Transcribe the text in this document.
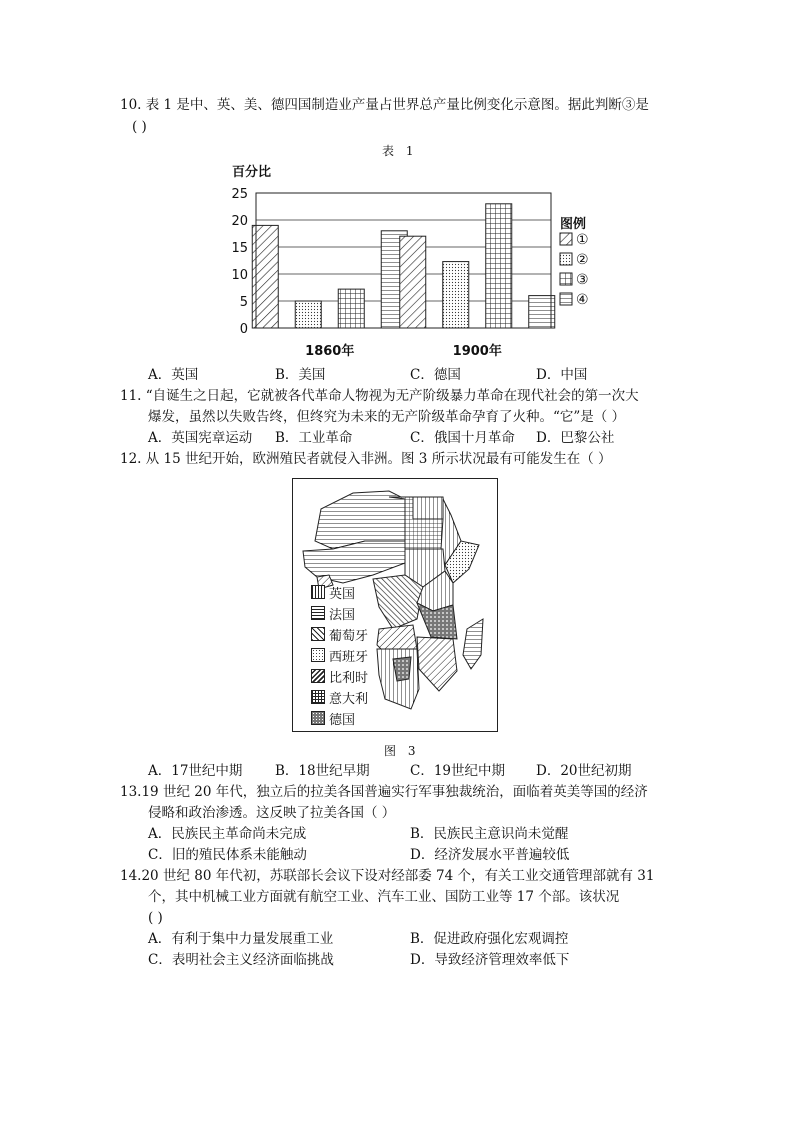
10. 表 1 是中、英、美、德四国制造业产量占世界总产量比例变化示意图。据此判断③是
( )
表 1
百分比
0
5
10
15
20
25
1860年	1900年
图例
①
②
③
④
A．英国	B．美国	C．德国	D．中国
11. “自诞生之日起，它就被各代革命人物视为无产阶级暴力革命在现代社会的第一次大
爆发，虽然以失败告终，但终究为未来的无产阶级革命孕育了火种。“它”是（ ）
A．英国宪章运动 B．工业革命	C．俄国十月革命 D．巴黎公社
12. 从 15 世纪开始，欧洲殖民者就侵入非洲。图 3 所示状况最有可能发生在（ ）
英国
法国
葡萄牙
西班牙
比利时
意大利
德国
图 3
A．17世纪中期 B．18世纪早期	C．19世纪中期 D．20世纪初期
13.19 世纪 20 年代，独立后的拉美各国普遍实行军事独裁统治，面临着英美等国的经济
侵略和政治渗透。这反映了拉美各国（ ）
A．民族民主革命尚未完成	B．民族民主意识尚未觉醒
C．旧的殖民体系未能触动	D．经济发展水平普遍较低
14.20 世纪 80 年代初，苏联部长会议下设对经部委 74 个，有关工业交通管理部就有 31
个，其中机械工业方面就有航空工业、汽车工业、国防工业等 17 个部。该状况
( )
A．有利于集中力量发展重工业	B．促进政府强化宏观调控
C．表明社会主义经济面临挑战	D．导致经济管理效率低下
